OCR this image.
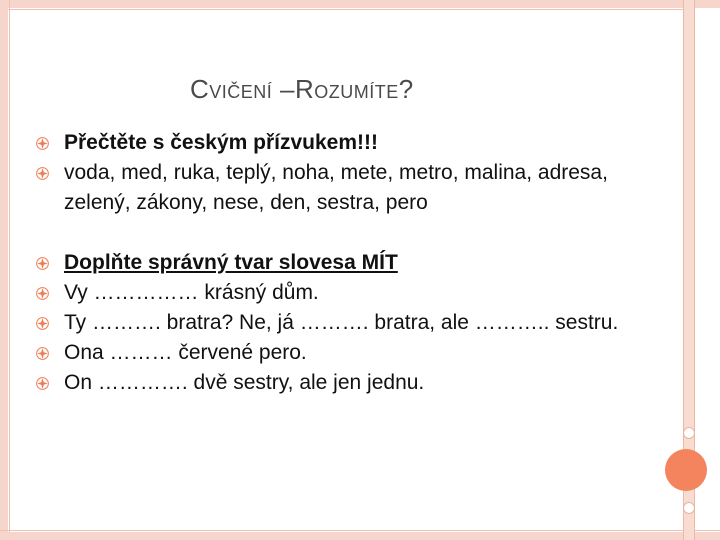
CVIČENÍ –ROZUMÍTE?
Přečtěte s českým přízvukem!!!
voda, med, ruka, teplý, noha, mete, metro, malina, adresa, zelený, zákony, nese, den, sestra, pero
Doplňte správný tvar slovesa MÍT
Vy …………… krásný dům.
Ty ………. bratra? Ne, já ………. bratra, ale ……….. sestru.
Ona ……… červené pero.
On …………. dvě sestry, ale jen jednu.
